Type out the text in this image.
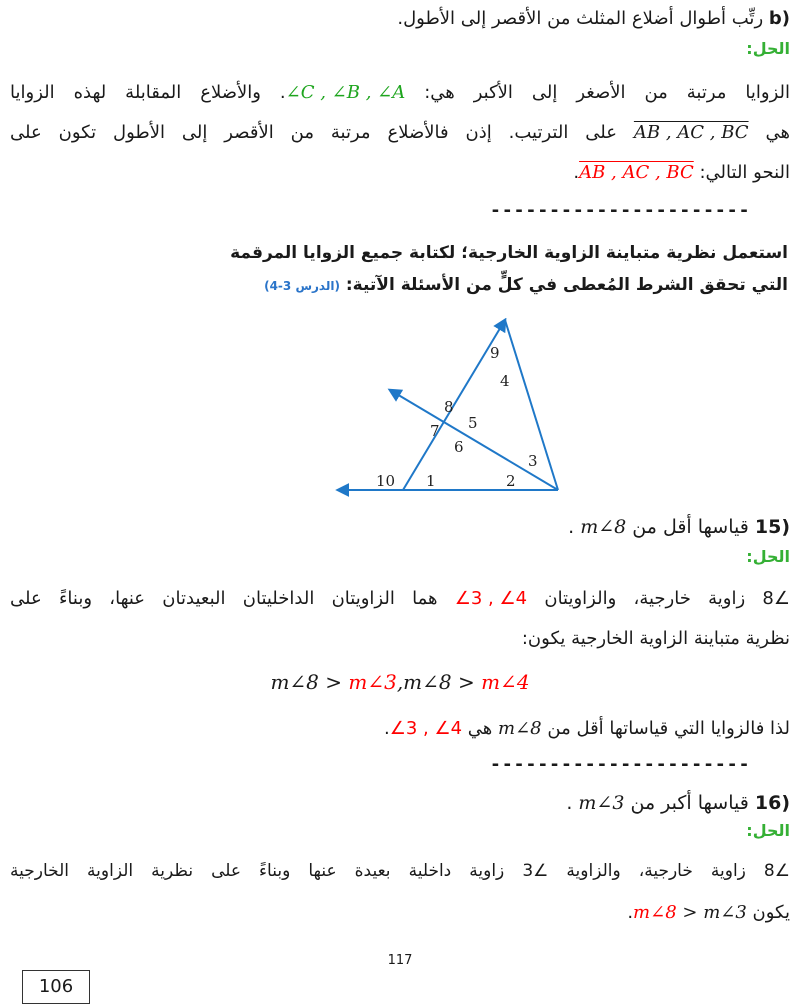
b) رتِّب أطوال أضلاع المثلث من الأقصر إلى الأطول.
الحل:
الزوايا مرتبة من الأصغر إلى الأكبر هي: ∠C , ∠B , ∠A. والأضلاع المقابلة لهذه الزوايا
هي AB , AC , BC على الترتيب. إذن فالأضلاع مرتبة من الأقصر إلى الأطول تكون على
النحو التالي: AB , AC , BC.
----------------------
استعمل نظرية متباينة الزاوية الخارجية؛ لكتابة جميع الزوايا المرقمة
التي تحقق الشرط المُعطى في كلٍّ من الأسئلة الآتية: (الدرس 3-4)
9
4
8
5
7
6
3
10 1	2
15) قياسها أقل من m∠8 .
الحل:
∠8 زاوية خارجية، والزاويتان ∠3 , ∠4 هما الزاويتان الداخليتان البعيدتان عنها، وبناءً على
نظرية متباينة الزاوية الخارجية يكون:
m∠8 > m∠3,m∠8 > m∠4
لذا فالزوايا التي قياساتها أقل من m∠8 هي ∠3 , ∠4.
----------------------
16) قياسها أكبر من m∠3 .
الحل:
∠8 زاوية خارجية، والزاوية ∠3 زاوية داخلية بعيدة عنها وبناءً على نظرية الزاوية الخارجية
يكون m∠8 > m∠3.
117
106
